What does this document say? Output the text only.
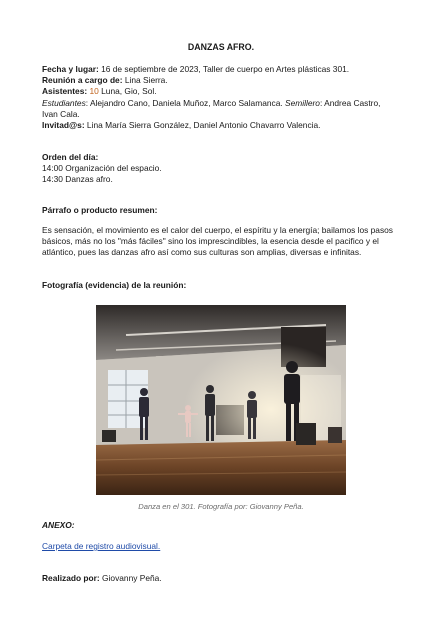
DANZAS AFRO.
Fecha y lugar: 16 de septiembre de 2023, Taller de cuerpo en Artes plásticas 301.
Reunión a cargo de: Lina Sierra.
Asistentes: 10 Luna, Gio, Sol.
Estudiantes: Alejandro Cano, Daniela Muñoz, Marco Salamanca. Semillero: Andrea Castro, Ivan Cala.
Invitad@s: Lina María Sierra González, Daniel Antonio Chavarro Valencia.
Orden del día:
14:00 Organización del espacio.
14:30 Danzas afro.
Párrafo o producto resumen:
Es sensación, el movimiento es el calor del cuerpo, el espíritu y la energía; bailamos los pasos básicos, más no los "más fáciles" sino los imprescindibles, la esencia desde el pacifico y el atlántico, pues las danzas afro así como sus culturas son amplias, diversas e infinitas.
Fotografía (evidencia) de la reunión:
Danza en el 301. Fotografía por: Giovanny Peña.
ANEXO:
Carpeta de registro audiovisual.
Realizado por: Giovanny Peña.
